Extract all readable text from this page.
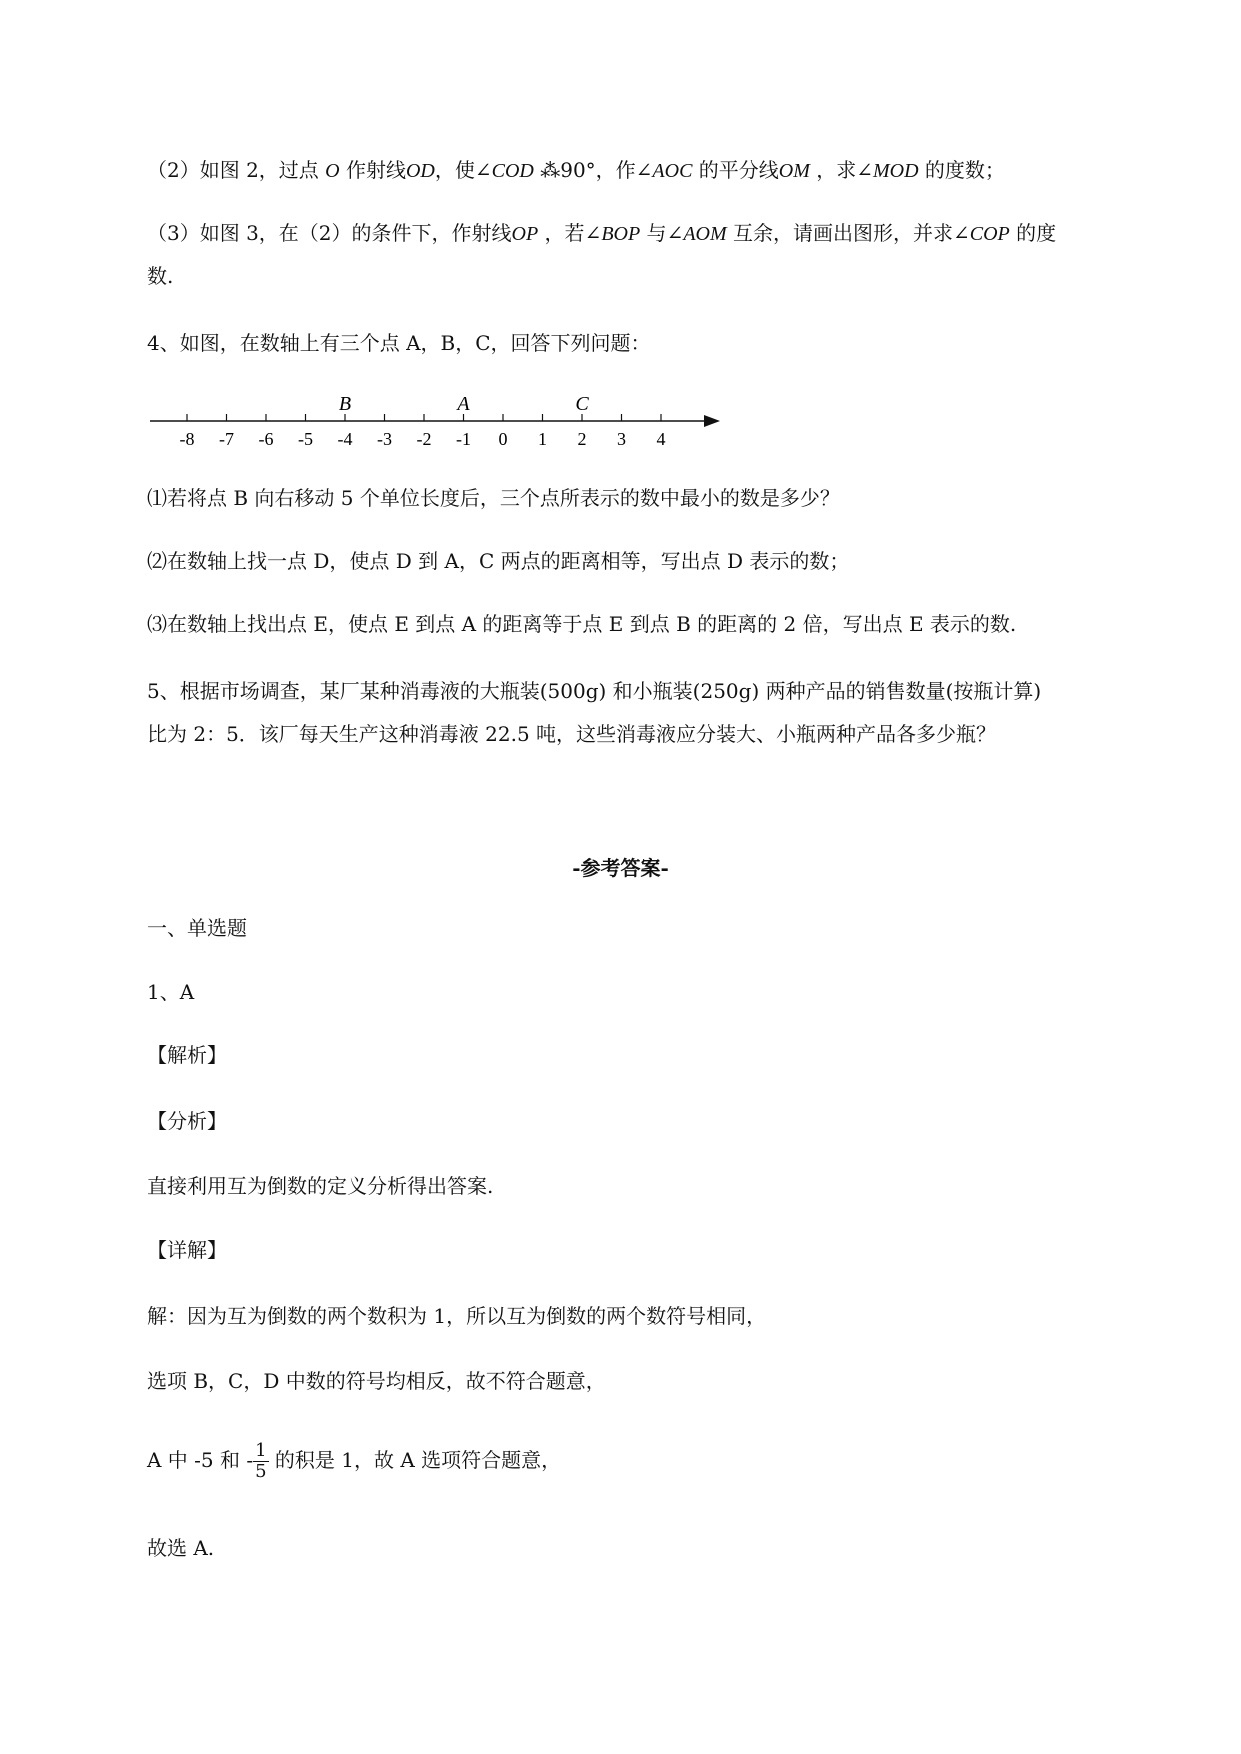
（2）如图 2，过点 O 作射线OD，使∠COD ⁂90°，作∠AOC 的平分线OM ，求∠MOD 的度数；
（3）如图 3，在（2）的条件下，作射线OP ，若∠BOP 与∠AOM 互余，请画出图形，并求∠COP 的度
数.
4、如图，在数轴上有三个点 A，B，C，回答下列问题：
-8 -7 -6 -5 -4 -3 -2 -1 0 1 2 3 4
B	A	C
⑴若将点 B 向右移动 5 个单位长度后，三个点所表示的数中最小的数是多少？
⑵在数轴上找一点 D，使点 D 到 A，C 两点的距离相等，写出点 D 表示的数；
⑶在数轴上找出点 E，使点 E 到点 A 的距离等于点 E 到点 B 的距离的 2 倍，写出点 E 表示的数.
5、根据市场调查，某厂某种消毒液的大瓶装(500g) 和小瓶装(250g) 两种产品的销售数量(按瓶计算)
比为 2：5．该厂每天生产这种消毒液 22.5 吨，这些消毒液应分装大、小瓶两种产品各多少瓶？
-参考答案-
一、单选题
1、A
【解析】
【分析】
直接利用互为倒数的定义分析得出答案.
【详解】
解：因为互为倒数的两个数积为 1，所以互为倒数的两个数符号相同，
选项 B，C，D 中数的符号均相反，故不符合题意，
A 中 -5 和 - $\frac{1}{5}$ 的积是 1，故 A 选项符合题意，
故选 A.
